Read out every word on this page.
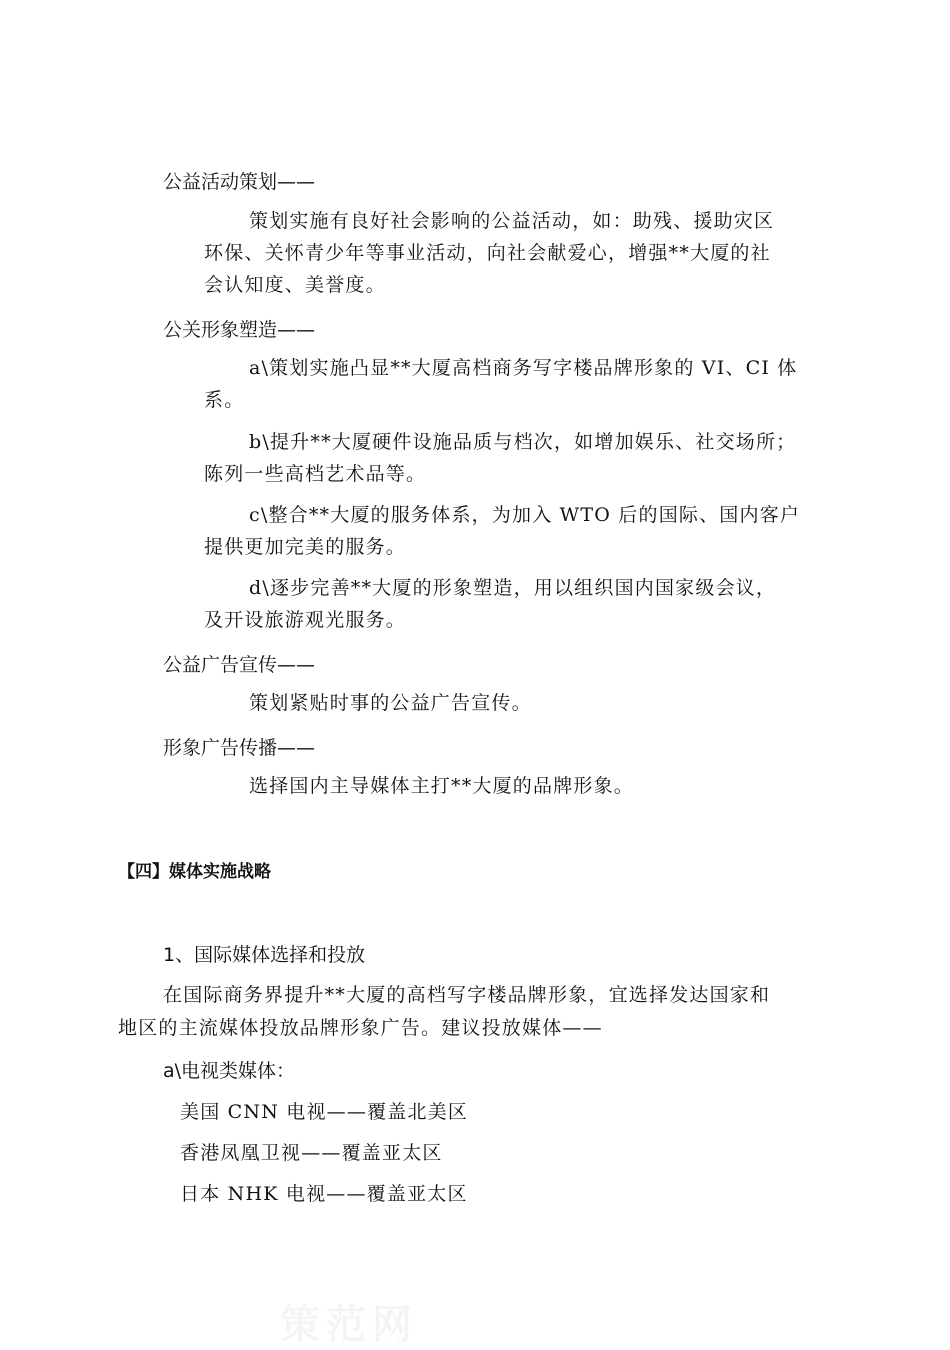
公益活动策划——
策划实施有良好社会影响的公益活动，如：助残、援助灾区
环保、关怀青少年等事业活动，向社会献爱心，增强**大厦的社
会认知度、美誉度。
公关形象塑造——
a\策划实施凸显**大厦高档商务写字楼品牌形象的 VI、CI 体
系。
b\提升**大厦硬件设施品质与档次，如增加娱乐、社交场所；
陈列一些高档艺术品等。
c\整合**大厦的服务体系，为加入 WTO 后的国际、国内客户
提供更加完美的服务。
d\逐步完善**大厦的形象塑造，用以组织国内国家级会议，
及开设旅游观光服务。
公益广告宣传——
策划紧贴时事的公益广告宣传。
形象广告传播——
选择国内主导媒体主打**大厦的品牌形象。
【四】媒体实施战略
1、国际媒体选择和投放
在国际商务界提升**大厦的高档写字楼品牌形象，宜选择发达国家和
地区的主流媒体投放品牌形象广告。建议投放媒体——
a\电视类媒体：
美国 CNN 电视——覆盖北美区
香港凤凰卫视——覆盖亚太区
日本 NHK 电视——覆盖亚太区
策范网
